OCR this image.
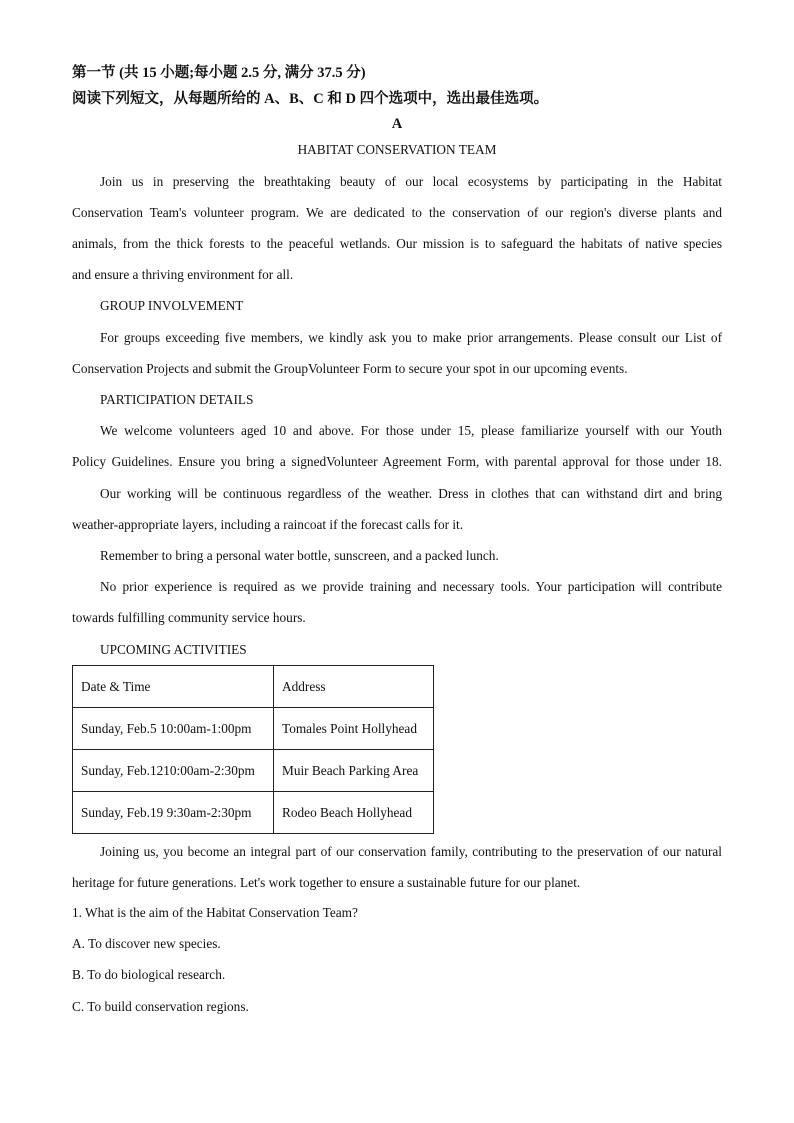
第一节 (共 15 小题;每小题 2.5 分, 满分 37.5 分)
阅读下列短文，从每题所给的 A、B、C 和 D 四个选项中，选出最佳选项。
A
HABITAT CONSERVATION TEAM
Join us in preserving the breathtaking beauty of our local ecosystems by participating in the Habitat
Conservation Team's volunteer program. We are dedicated to the conservation of our region's diverse plants and
animals, from the thick forests to the peaceful wetlands. Our mission is to safeguard the habitats of native species
and ensure a thriving environment for all.
GROUP INVOLVEMENT
For groups exceeding five members, we kindly ask you to make prior arrangements. Please consult our List of
Conservation Projects and submit the GroupVolunteer Form to secure your spot in our upcoming events.
PARTICIPATION DETAILS
We welcome volunteers aged 10 and above. For those under 15, please familiarize yourself with our Youth
Policy Guidelines. Ensure you bring a signedVolunteer Agreement Form, with parental approval for those under 18.
Our working will be continuous regardless of the weather. Dress in clothes that can withstand dirt and bring
weather-appropriate layers, including a raincoat if the forecast calls for it.
Remember to bring a personal water bottle, sunscreen, and a packed lunch.
No prior experience is required as we provide training and necessary tools. Your participation will contribute
towards fulfilling community service hours.
UPCOMING ACTIVITIES
Date & Time	Address
Sunday, Feb.5 10:00am-1:00pm	Tomales Point Hollyhead
Sunday, Feb.1210:00am-2:30pm	Muir Beach Parking Area
Sunday, Feb.19 9:30am-2:30pm	Rodeo Beach Hollyhead
Joining us, you become an integral part of our conservation family, contributing to the preservation of our natural
heritage for future generations. Let's work together to ensure a sustainable future for our planet.
1. What is the aim of the Habitat Conservation Team?
A. To discover new species.
B. To do biological research.
C. To build conservation regions.
